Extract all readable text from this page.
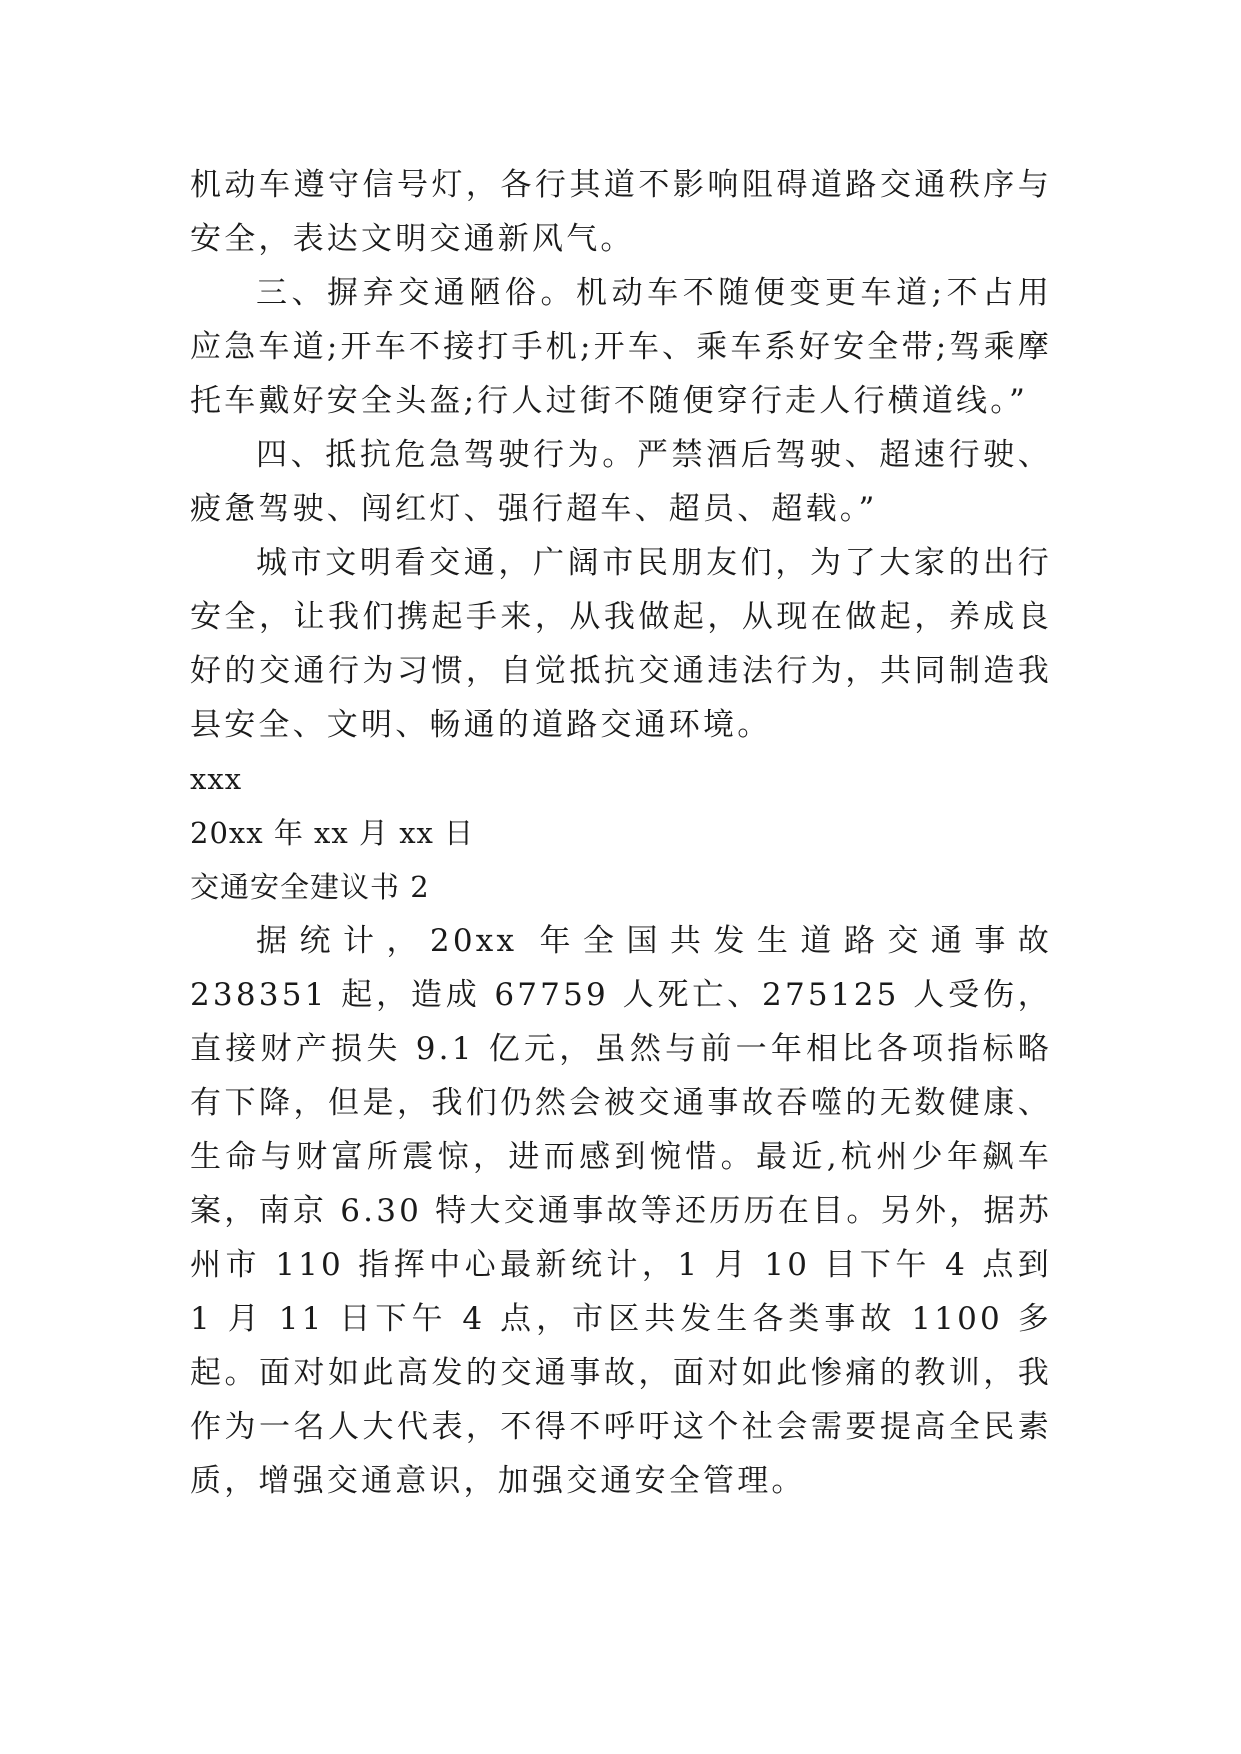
机动车遵守信号灯，各行其道不影响阻碍道路交通秩序与安全，表达文明交通新风气。

三、摒弃交通陋俗。机动车不随便变更车道;不占用应急车道;开车不接打手机;开车、乘车系好安全带;驾乘摩托车戴好安全头盔;行人过街不随便穿行走人行横道线。”

四、抵抗危急驾驶行为。严禁酒后驾驶、超速行驶、疲惫驾驶、闯红灯、强行超车、超员、超载。”

城市文明看交通，广阔市民朋友们，为了大家的出行安全，让我们携起手来，从我做起，从现在做起，养成良好的交通行为习惯，自觉抵抗交通违法行为，共同制造我县安全、文明、畅通的道路交通环境。

xxx

20xx 年 xx 月 xx 日

交通安全建议书 2

据统计，20xx 年全国共发生道路交通事故 238351 起，造成 67759 人死亡、275125 人受伤，直接财产损失 9.1 亿元，虽然与前一年相比各项指标略有下降，但是，我们仍然会被交通事故吞噬的无数健康、生命与财富所震惊，进而感到惋惜。最近,杭州少年飙车案，南京 6.30 特大交通事故等还历历在目。另外，据苏州市 110 指挥中心最新统计，1 月 10 目下午 4 点到 1 月 11 日下午 4 点，市区共发生各类事故 1100 多起。面对如此高发的交通事故，面对如此惨痛的教训，我作为一名人大代表，不得不呼吁这个社会需要提高全民素质，增强交通意识，加强交通安全管理。
